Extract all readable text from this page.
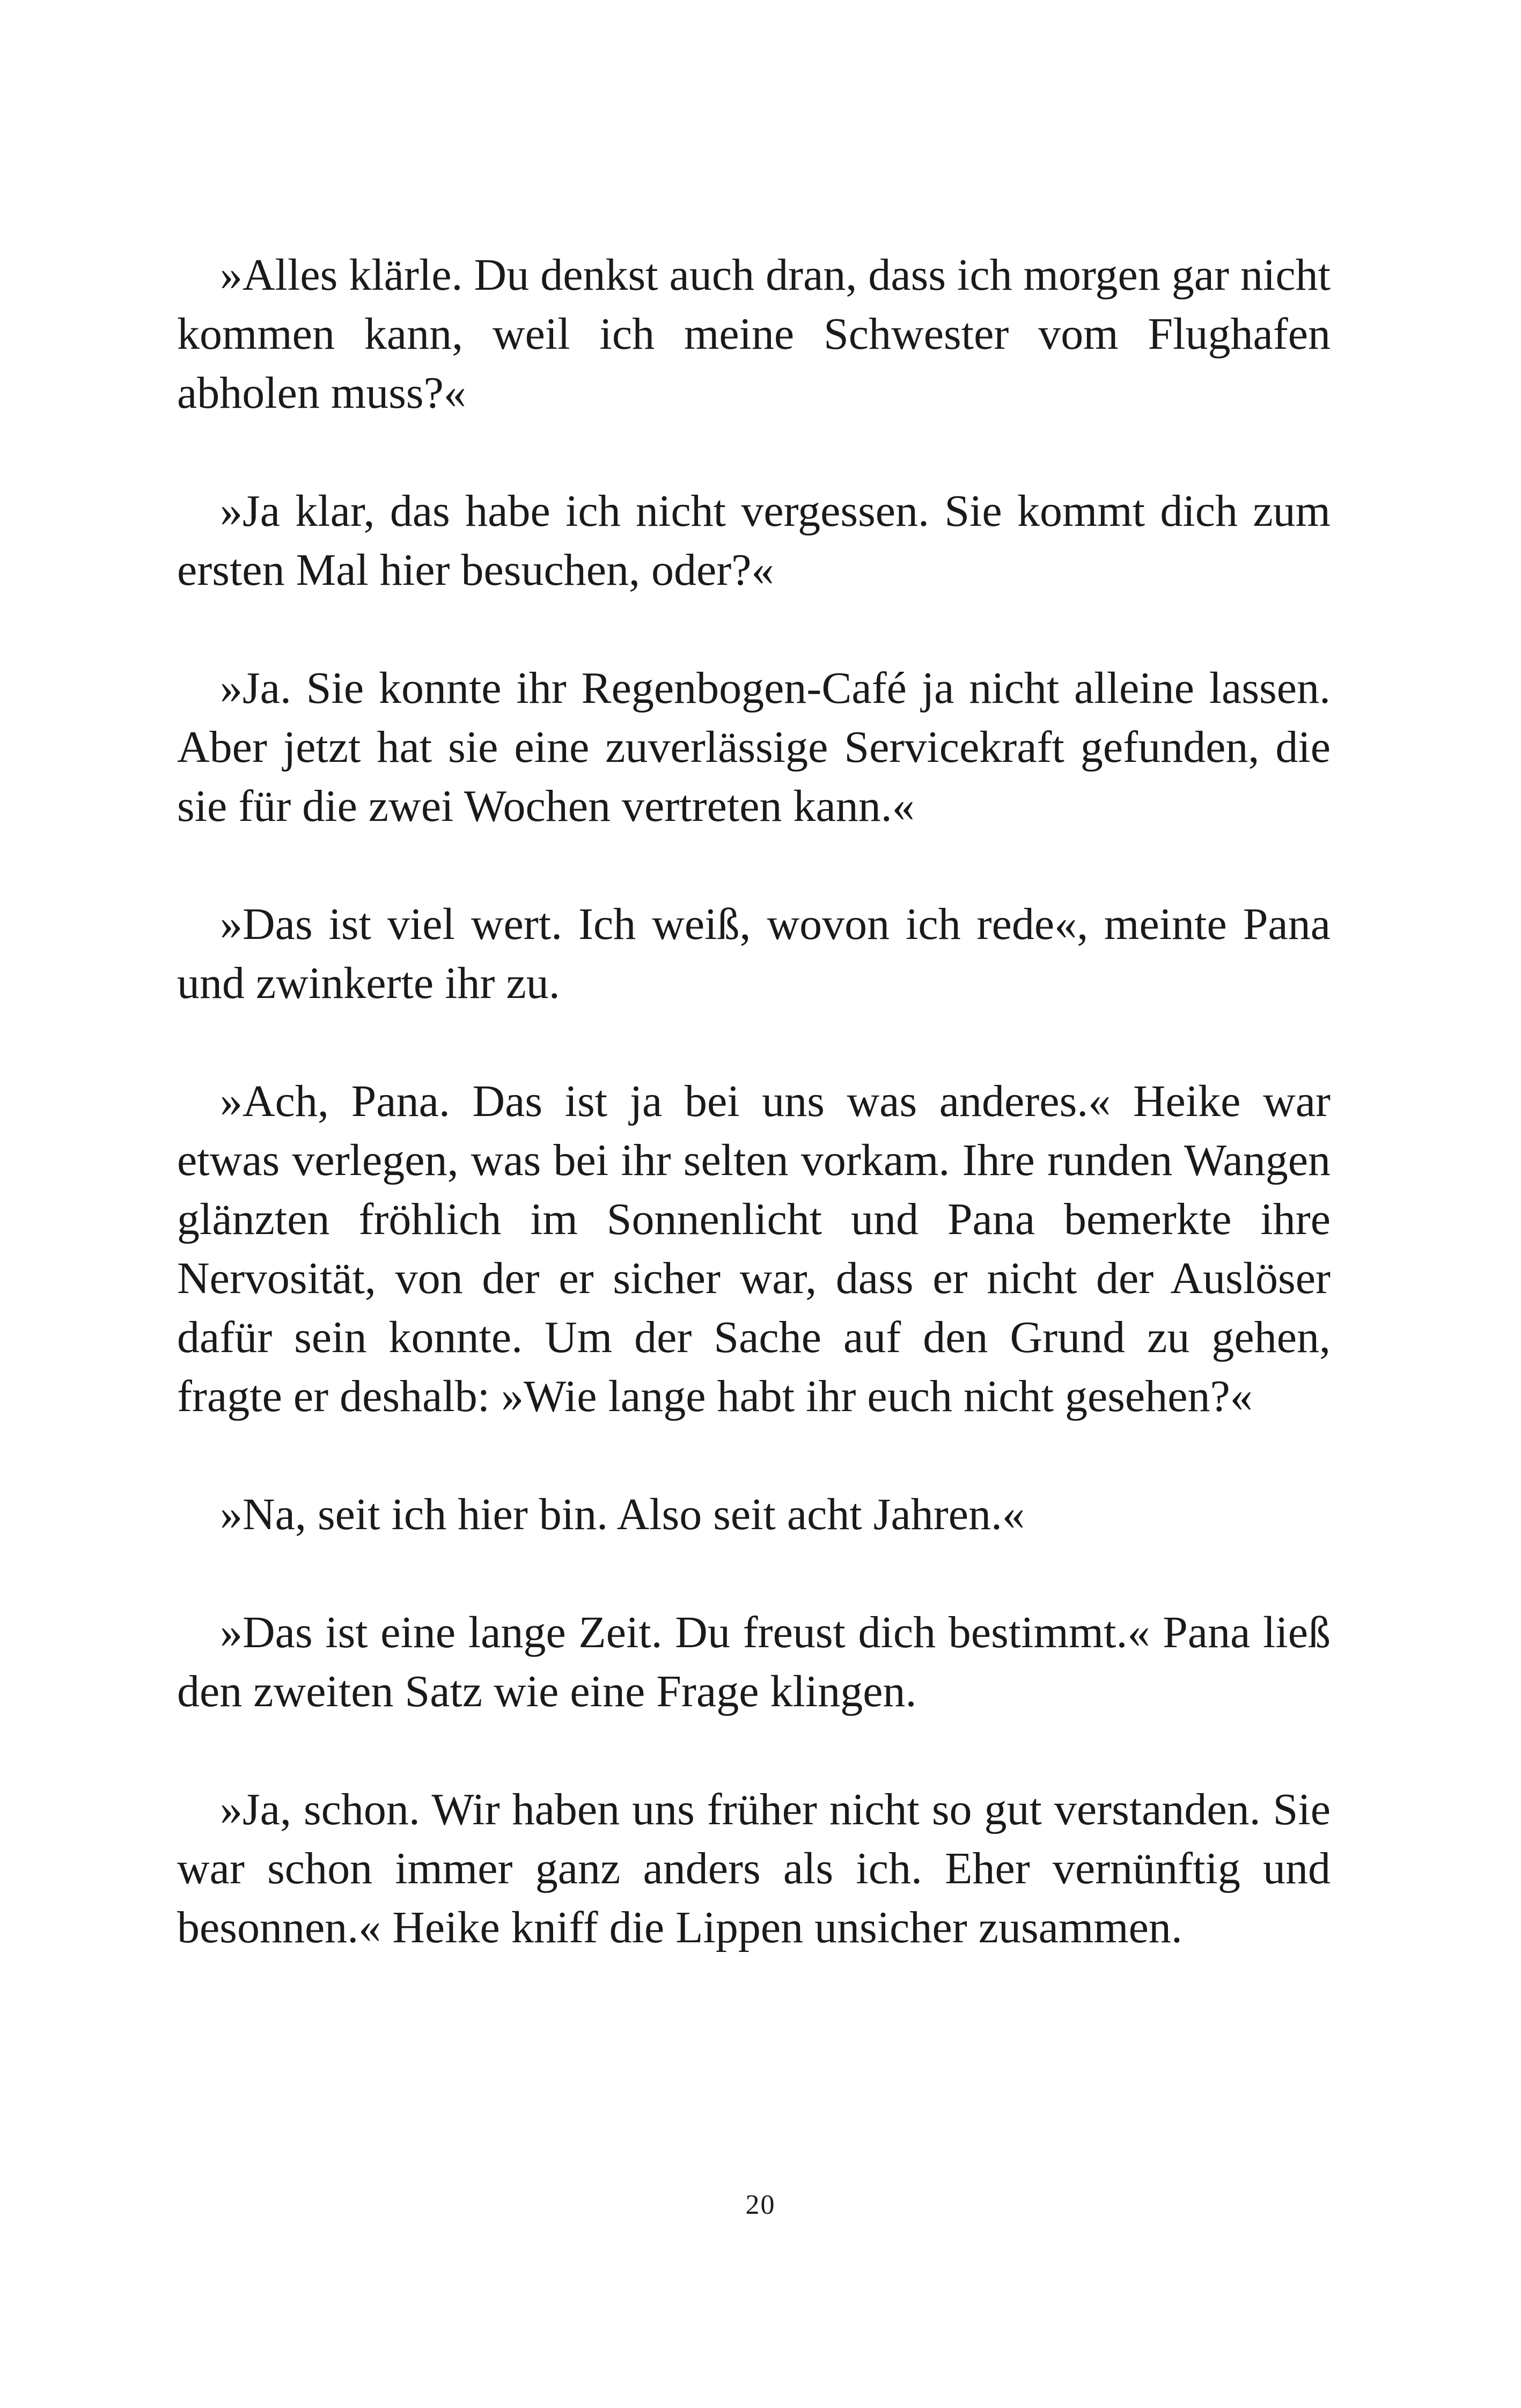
»Alles klärle. Du denkst auch dran, dass ich morgen gar nicht kommen kann, weil ich meine Schwester vom Flughafen abholen muss?«

»Ja klar, das habe ich nicht vergessen. Sie kommt dich zum ersten Mal hier besuchen, oder?«

»Ja. Sie konnte ihr Regenbogen-Café ja nicht alleine lassen. Aber jetzt hat sie eine zuverlässige Servicekraft gefunden, die sie für die zwei Wochen vertreten kann.«

»Das ist viel wert. Ich weiß, wovon ich rede«, meinte Pana und zwinkerte ihr zu.

»Ach, Pana. Das ist ja bei uns was anderes.« Heike war etwas verlegen, was bei ihr selten vorkam. Ihre runden Wangen glänzten fröhlich im Sonnenlicht und Pana bemerkte ihre Nervosität, von der er sicher war, dass er nicht der Auslöser dafür sein konnte. Um der Sache auf den Grund zu gehen, fragte er deshalb: »Wie lange habt ihr euch nicht gesehen?«

»Na, seit ich hier bin. Also seit acht Jahren.«

»Das ist eine lange Zeit. Du freust dich bestimmt.« Pana ließ den zweiten Satz wie eine Frage klingen.

»Ja, schon. Wir haben uns früher nicht so gut verstanden. Sie war schon immer ganz anders als ich. Eher vernünftig und besonnen.« Heike kniff die Lippen unsicher zusammen.

20
